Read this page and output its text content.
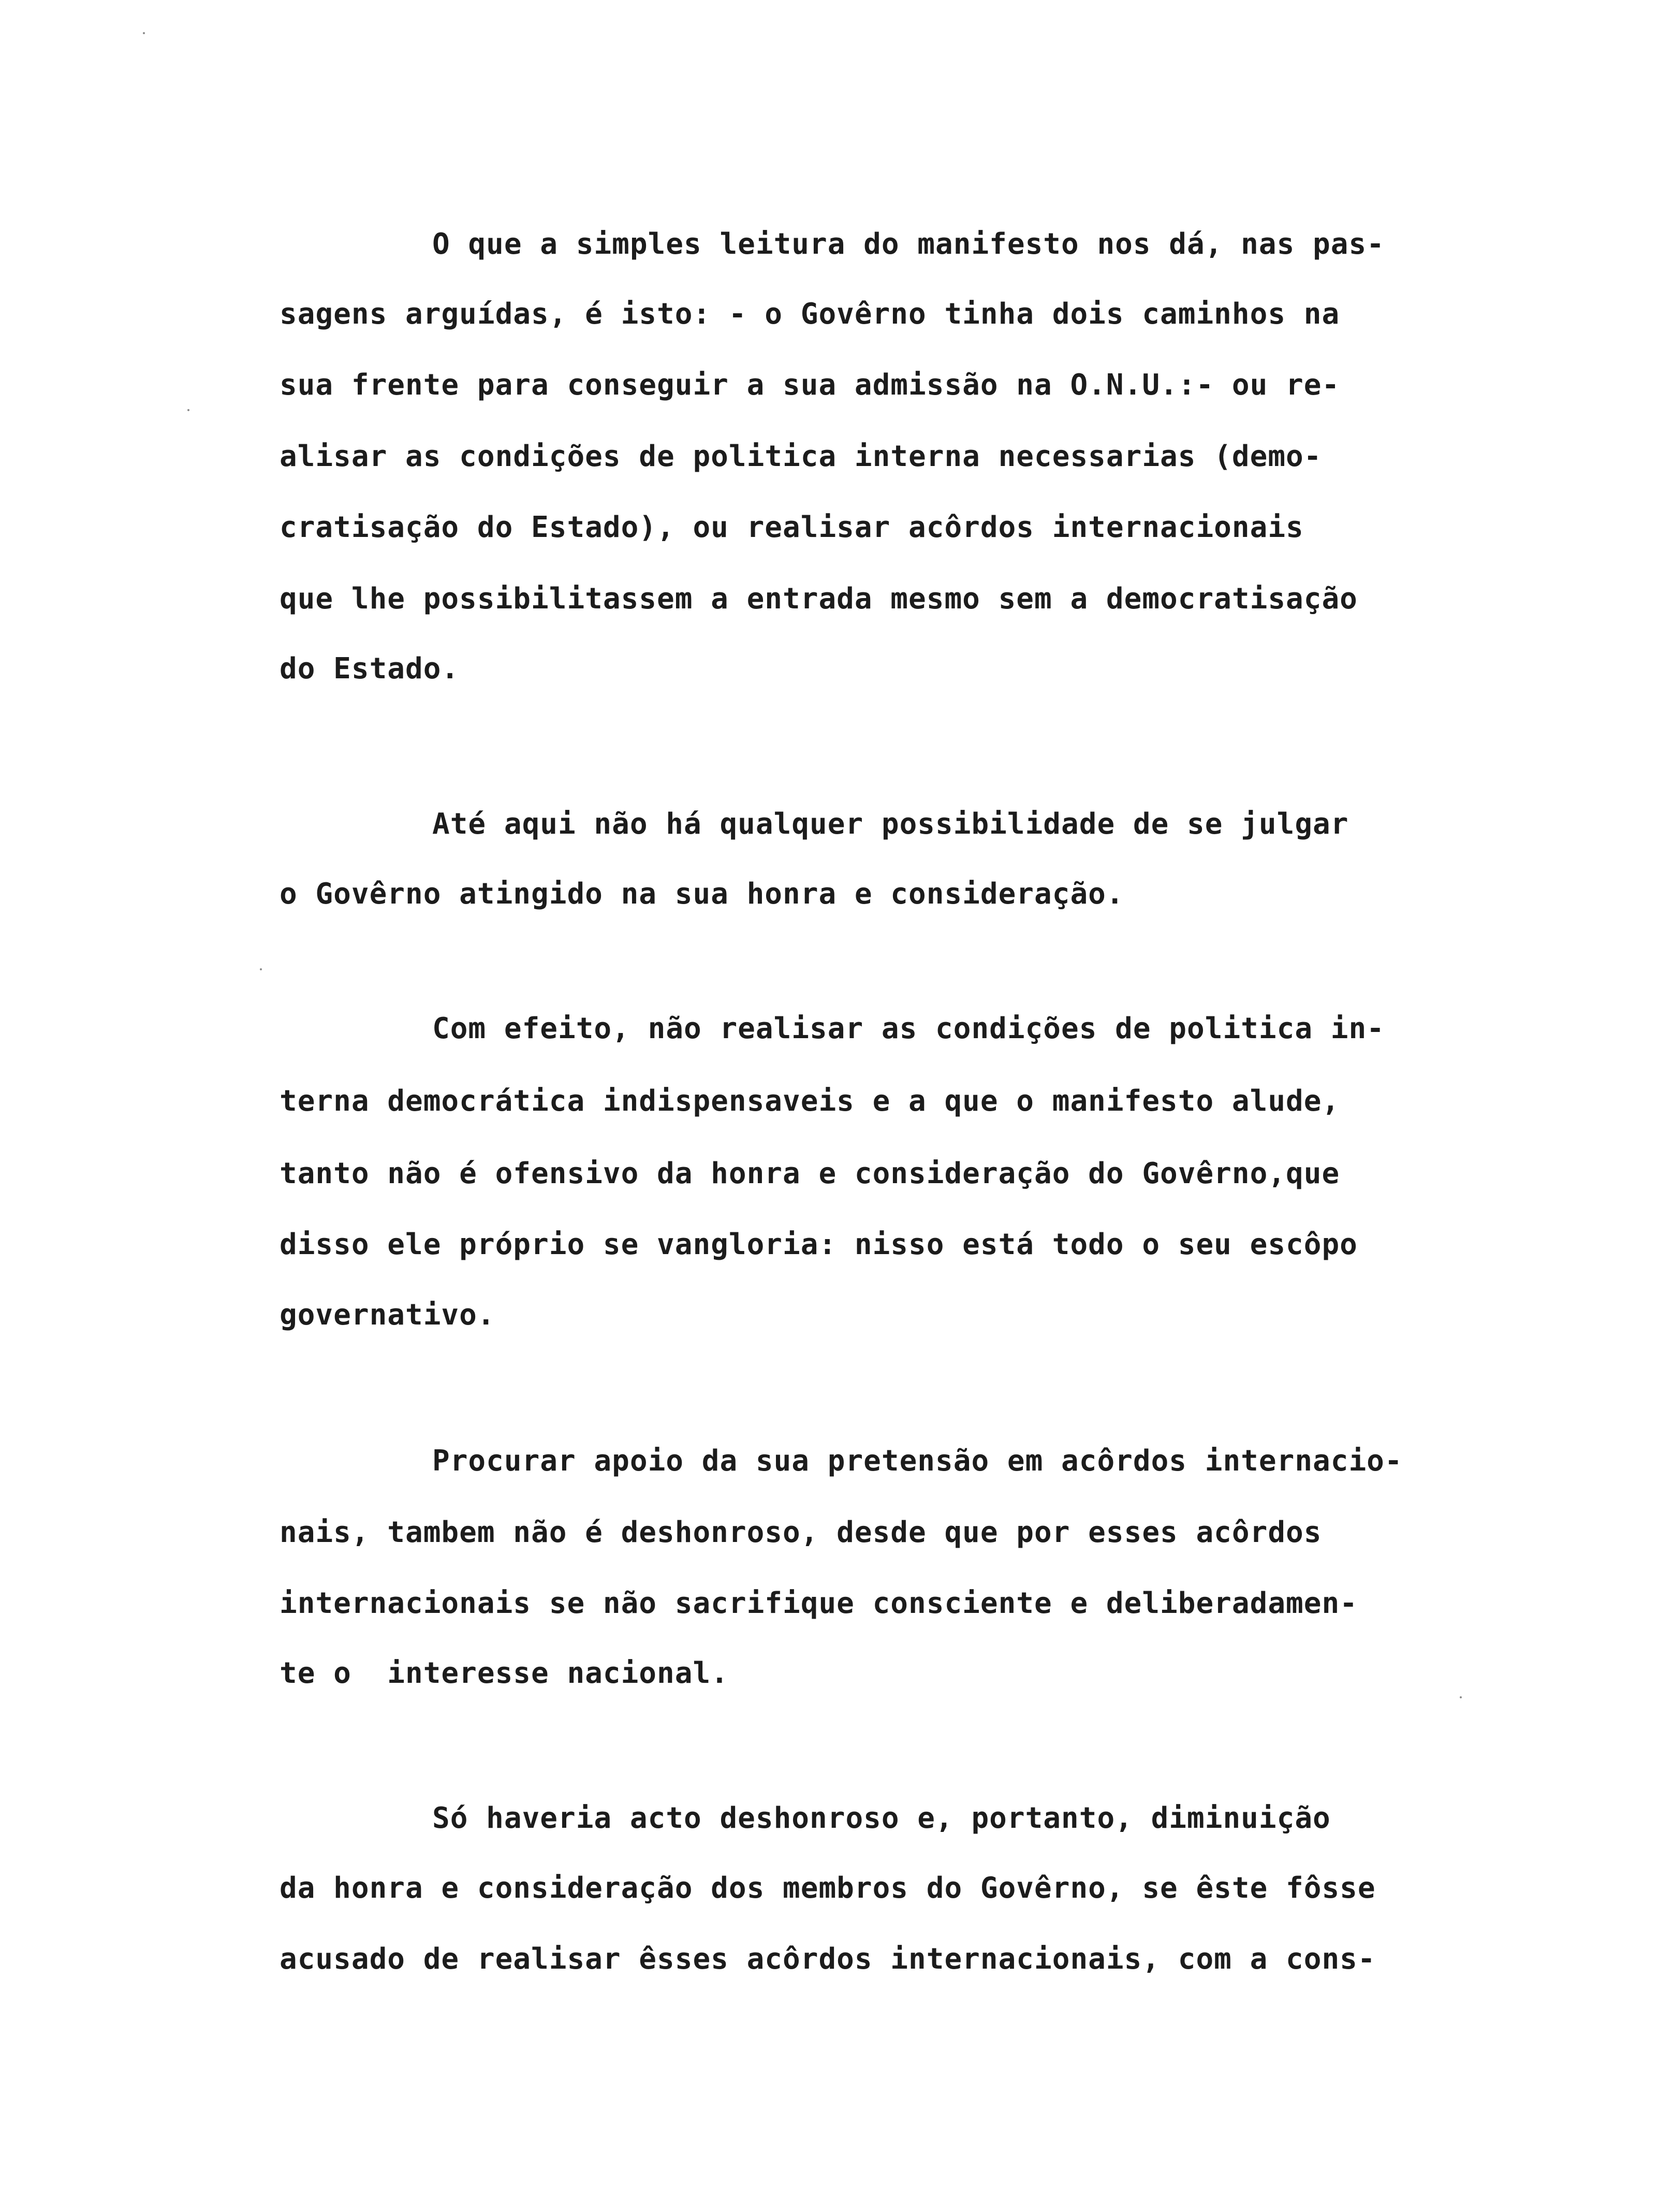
O que a simples leitura do manifesto nos dá, nas pas-
sagens arguídas, é isto: - o Govêrno tinha dois caminhos na
sua frente para conseguir a sua admissão na O.N.U.:- ou re-
alisar as condições de politica interna necessarias (demo-
cratisação do Estado), ou realisar acôrdos internacionais
que lhe possibilitassem a entrada mesmo sem a democratisação
do Estado.
Até aqui não há qualquer possibilidade de se julgar
o Govêrno atingido na sua honra e consideração.
Com efeito, não realisar as condições de politica in-
terna democrática indispensaveis e a que o manifesto alude,
tanto não é ofensivo da honra e consideração do Govêrno,que
disso ele próprio se vangloria: nisso está todo o seu escôpo
governativo.
Procurar apoio da sua pretensão em acôrdos internacio-
nais, tambem não é deshonroso, desde que por esses acôrdos
internacionais se não sacrifique consciente e deliberadamen-
te o  interesse nacional.
Só haveria acto deshonroso e, portanto, diminuição
da honra e consideração dos membros do Govêrno, se êste fôsse
acusado de realisar êsses acôrdos internacionais, com a cons-
